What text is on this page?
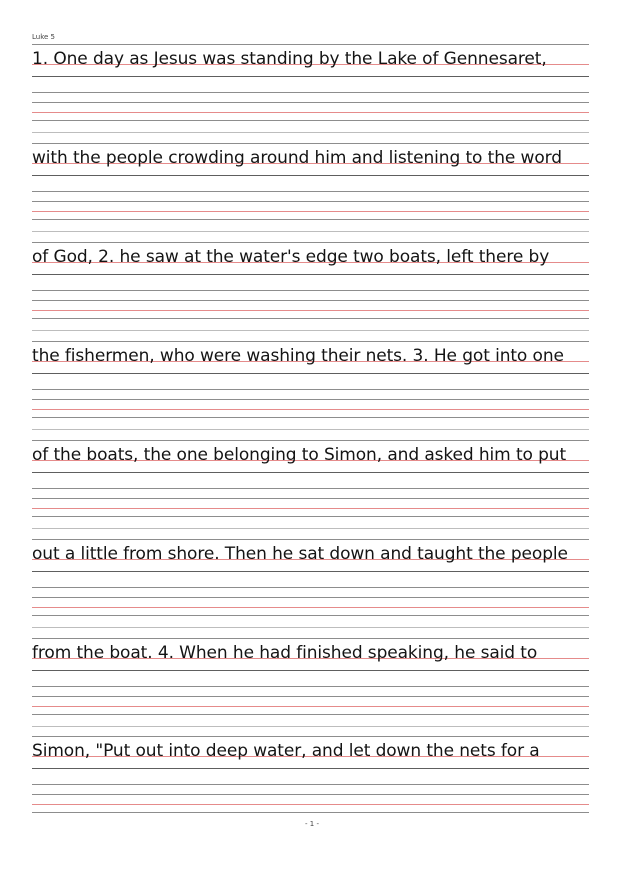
Luke 5
1. One day as Jesus was standing by the Lake of Gennesaret,
with the people crowding around him and listening to the word
of God, 2. he saw at the water's edge two boats, left there by
the fishermen, who were washing their nets. 3. He got into one
of the boats, the one belonging to Simon, and asked him to put
out a little from shore. Then he sat down and taught the people
from the boat. 4. When he had finished speaking, he said to
Simon, "Put out into deep water, and let down the nets for a
- 1 -
